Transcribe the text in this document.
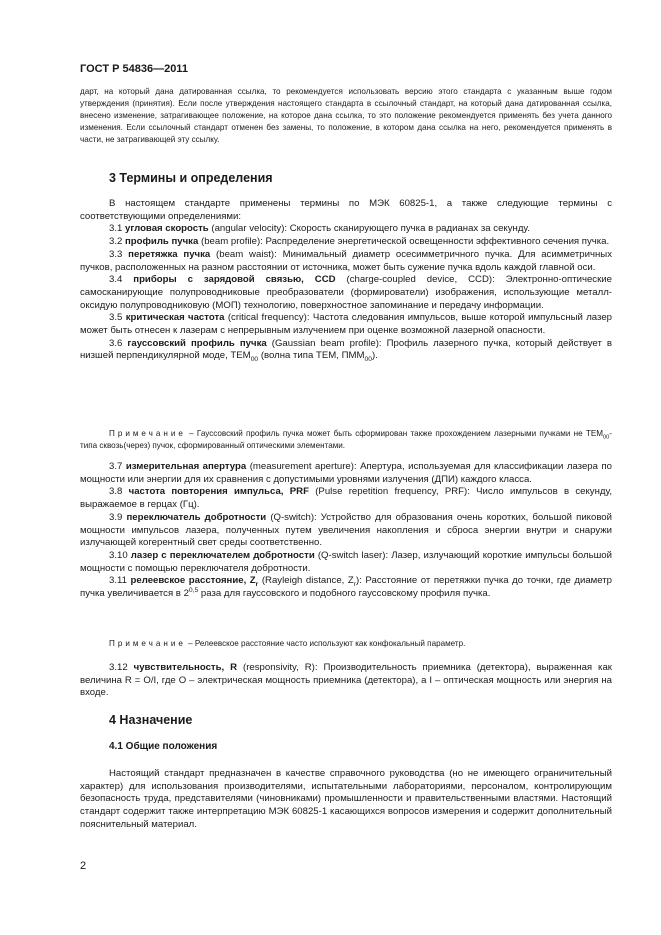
ГОСТ Р 54836—2011

дарт, на который дана датированная ссылка, то рекомендуется использовать версию этого стандарта с указанным выше годом утверждения (принятия). Если после утверждения настоящего стандарта в ссылочный стандарт, на который дана датированная ссылка, внесено изменение, затрагивающее положение, на которое дана ссылка, то это положение рекомендуется применять без учета данного изменения. Если ссылочный стандарт отменен без замены, то положение, в котором дана ссылка на него, рекомендуется применять в части, не затрагивающей эту ссылку.

3 Термины и определения

В настоящем стандарте применены термины по МЭК 60825-1, а также следующие термины с соответствующими определениями:

3.1 угловая скорость (angular velocity): Скорость сканирующего пучка в радианах за секунду.

3.2 профиль пучка (beam profile): Распределение энергетической освещенности эффективного сечения пучка.

3.3 перетяжка пучка (beam waist): Минимальный диаметр осесимметричного пучка. Для асимметричных пучков, расположенных на разном расстоянии от источника, может быть сужение пучка вдоль каждой главной оси.

3.4 приборы с зарядовой связью, CCD (charge-coupled device, CCD): Электронно-оптические самосканирующие полупроводниковые преобразователи (формирователи) изображения, использующие металл-оксидую полупроводниковую (МОП) технологию, поверхностное запоминание и передачу информации.

3.5 критическая частота (critical frequency): Частота следования импульсов, выше которой импульсный лазер может быть отнесен к лазерам с непрерывным излучением при оценке возможной лазерной опасности.

3.6 гауссовский профиль пучка (Gaussian beam profile): Профиль лазерного пучка, который действует в низшей перпендикулярной моде, $ТЕМ_{00}$ (волна типа ТЕМ, $ПММ_{00}$).

Примечание – Гауссовский профиль пучка может быть сформирован также прохождением лазерными пучками не $ТЕМ_{00}$-типа сквозь(через) пучок, сформированный оптическими элементами.

3.7 измерительная апертура (measurement aperture): Апертура, используемая для классификации лазера по мощности или энергии для их сравнения с допустимыми уровнями излучения (ДПИ) каждого класса.

3.8 частота повторения импульса, PRF (Pulse repetition frequency, PRF): Число импульсов в секунду, выражаемое в герцах (Гц).

3.9 переключатель добротности (Q-switch): Устройство для образования очень коротких, большой пиковой мощности импульсов лазера, полученных путем увеличения накопления и сброса энергии внутри и снаружи излучающей когерентный свет среды соответственно.

3.10 лазер с переключателем добротности (Q-switch laser): Лазер, излучающий короткие импульсы большой мощности с помощью переключателя добротности.

3.11 релеевское расстояние, $Z_r$ (Rayleigh distance, $Z_r$): Расстояние от перетяжки пучка до точки, где диаметр пучка увеличивается в 2$^{0,5}$ раза для гауссовского и подобного гауссовскому профиля пучка.

Примечание – Релеевское расстояние часто используют как конфокальный параметр.

3.12 чувствительность, R (responsivity, R): Производительность приемника (детектора), выраженная как величина R = O/I, где O – электрическая мощность приемника (детектора), а I – оптическая мощность или энергия на входе.

4 Назначение
4.1 Общие положения

Настоящий стандарт предназначен в качестве справочного руководства (но не имеющего ограничительный характер) для использования производителями, испытательными лабораториями, персоналом, контролирующим безопасность труда, представителями (чиновниками) промышленности и правительственными властями. Настоящий стандарт содержит также интерпретацию МЭК 60825-1 касающихся вопросов измерения и содержит дополнительный пояснительный материал.

2
